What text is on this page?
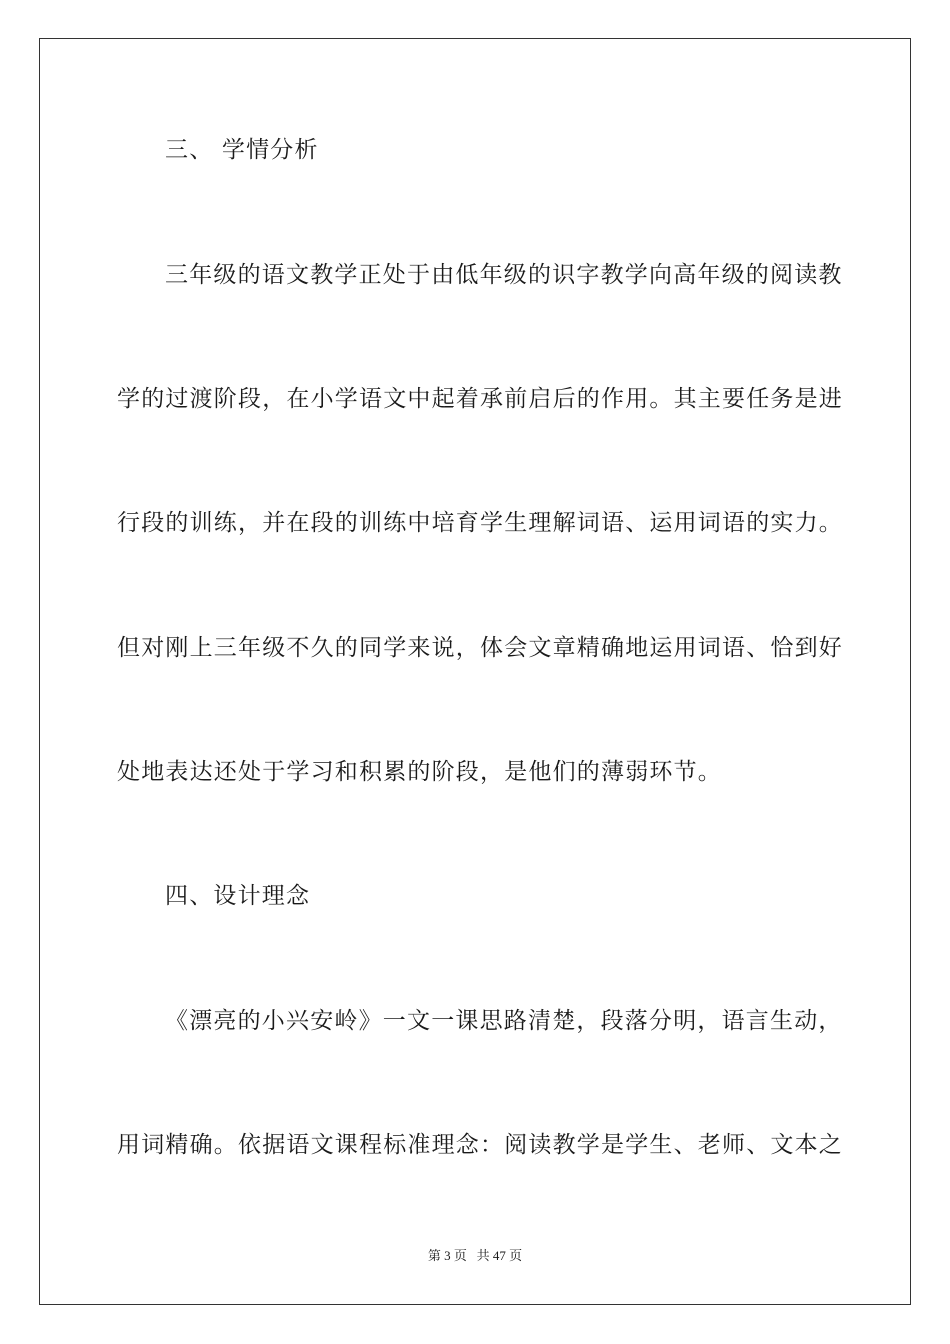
三、 学情分析
三年级的语文教学正处于由低年级的识字教学向高年级的阅读教
学的过渡阶段，在小学语文中起着承前启后的作用。其主要任务是进
行段的训练，并在段的训练中培育学生理解词语、运用词语的实力。
但对刚上三年级不久的同学来说，体会文章精确地运用词语、恰到好
处地表达还处于学习和积累的阶段，是他们的薄弱环节。
四、设计理念
《漂亮的小兴安岭》一文一课思路清楚，段落分明，语言生动，
用词精确。依据语文课程标准理念：阅读教学是学生、老师、文本之
第 3 页   共 47 页
